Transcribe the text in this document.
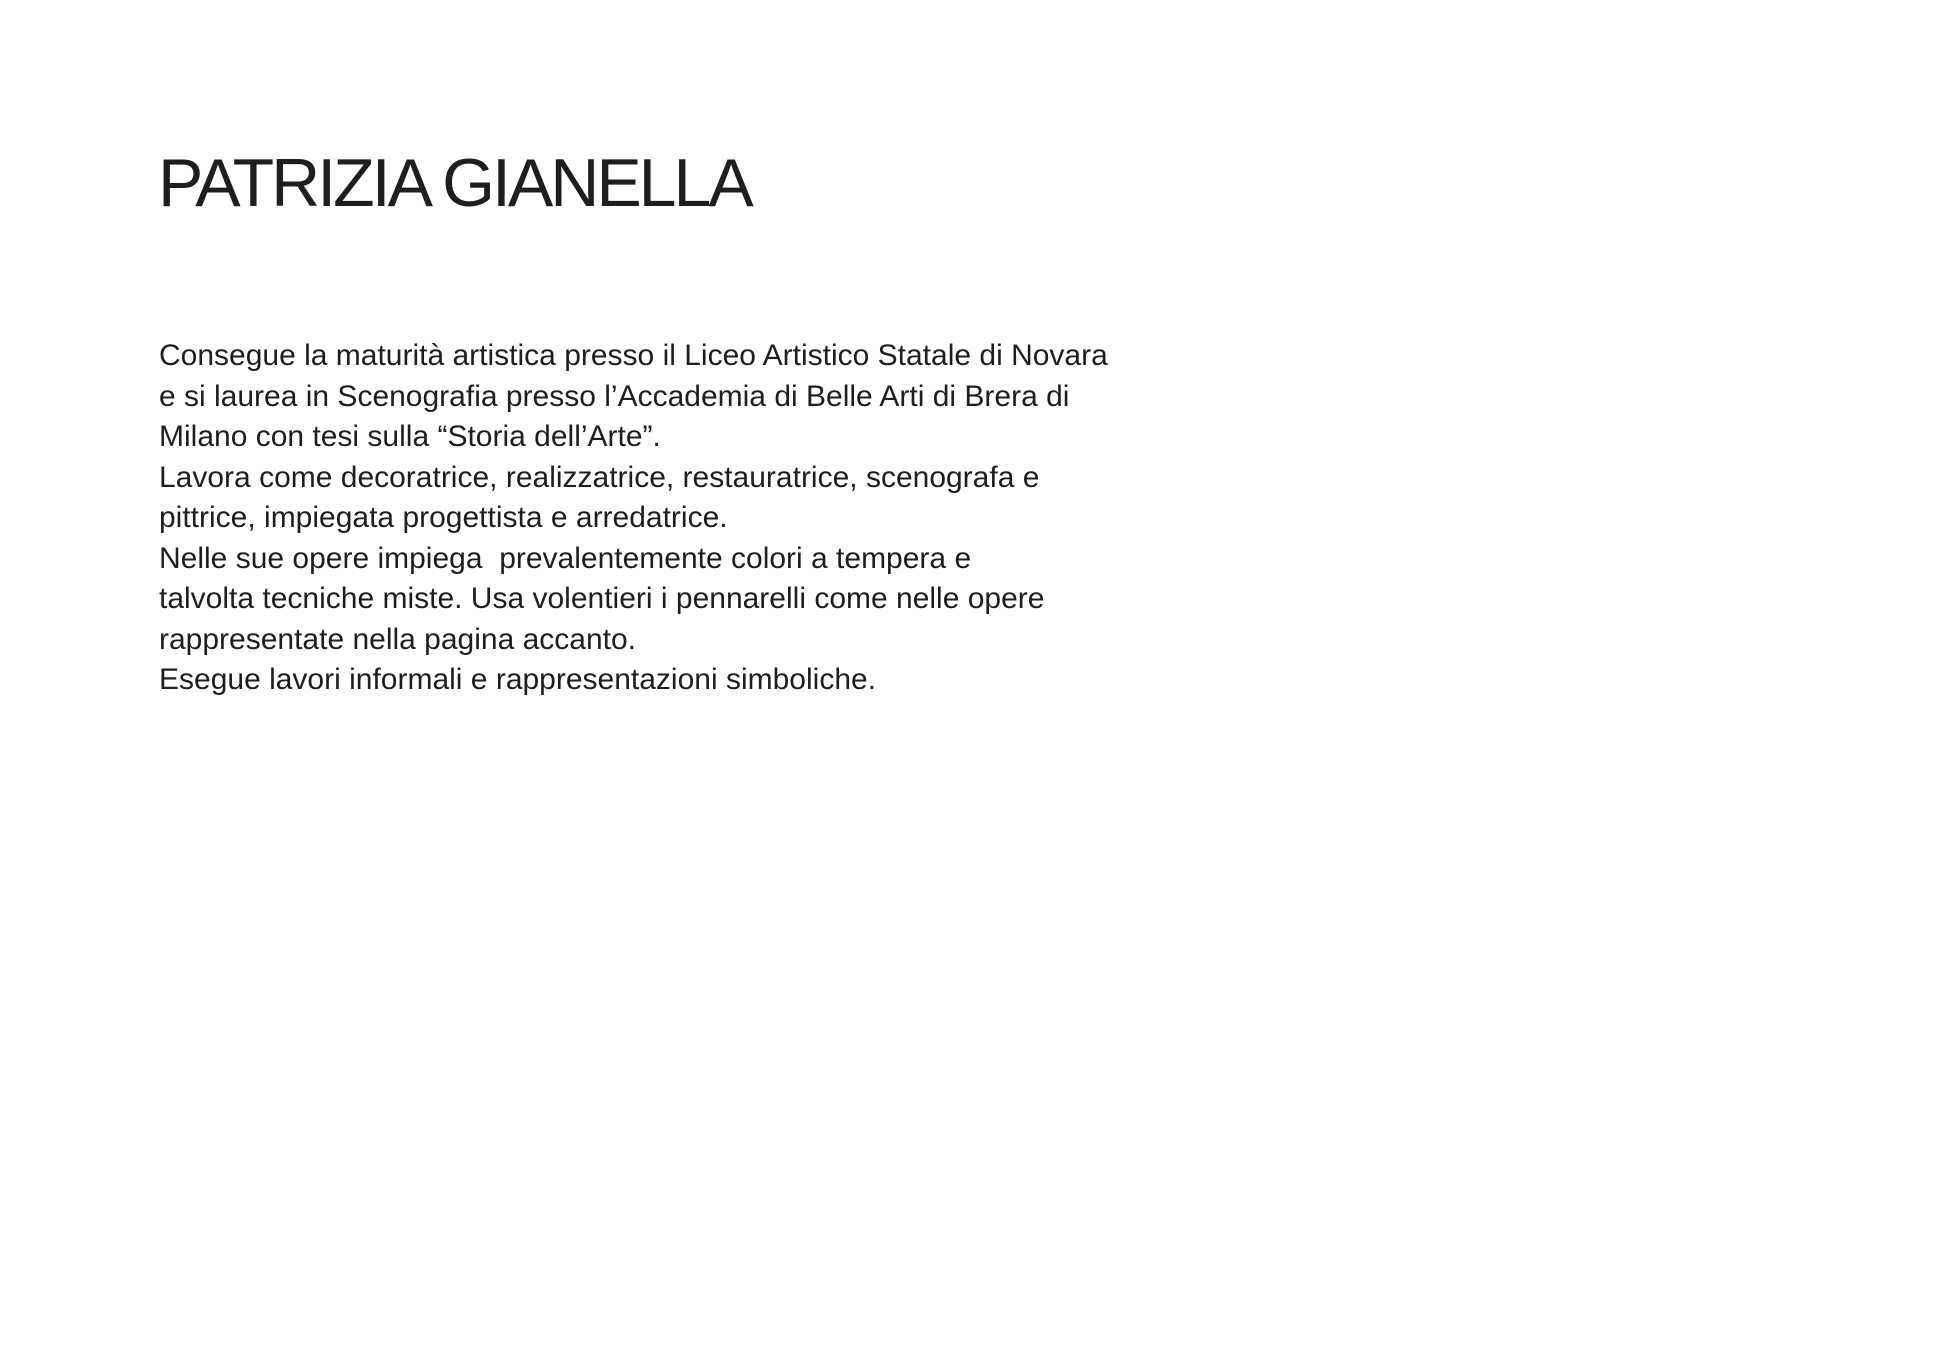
PATRIZIA GIANELLA
Consegue la maturità artistica presso il Liceo Artistico Statale di Novara
e si laurea in Scenografia presso l’Accademia di Belle Arti di Brera di
Milano con tesi sulla “Storia dell’Arte”.
Lavora come decoratrice, realizzatrice, restauratrice, scenografa e
pittrice, impiegata progettista e arredatrice.
Nelle sue opere impiega  prevalentemente colori a tempera e
talvolta tecniche miste. Usa volentieri i pennarelli come nelle opere
rappresentate nella pagina accanto.
Esegue lavori informali e rappresentazioni simboliche.
